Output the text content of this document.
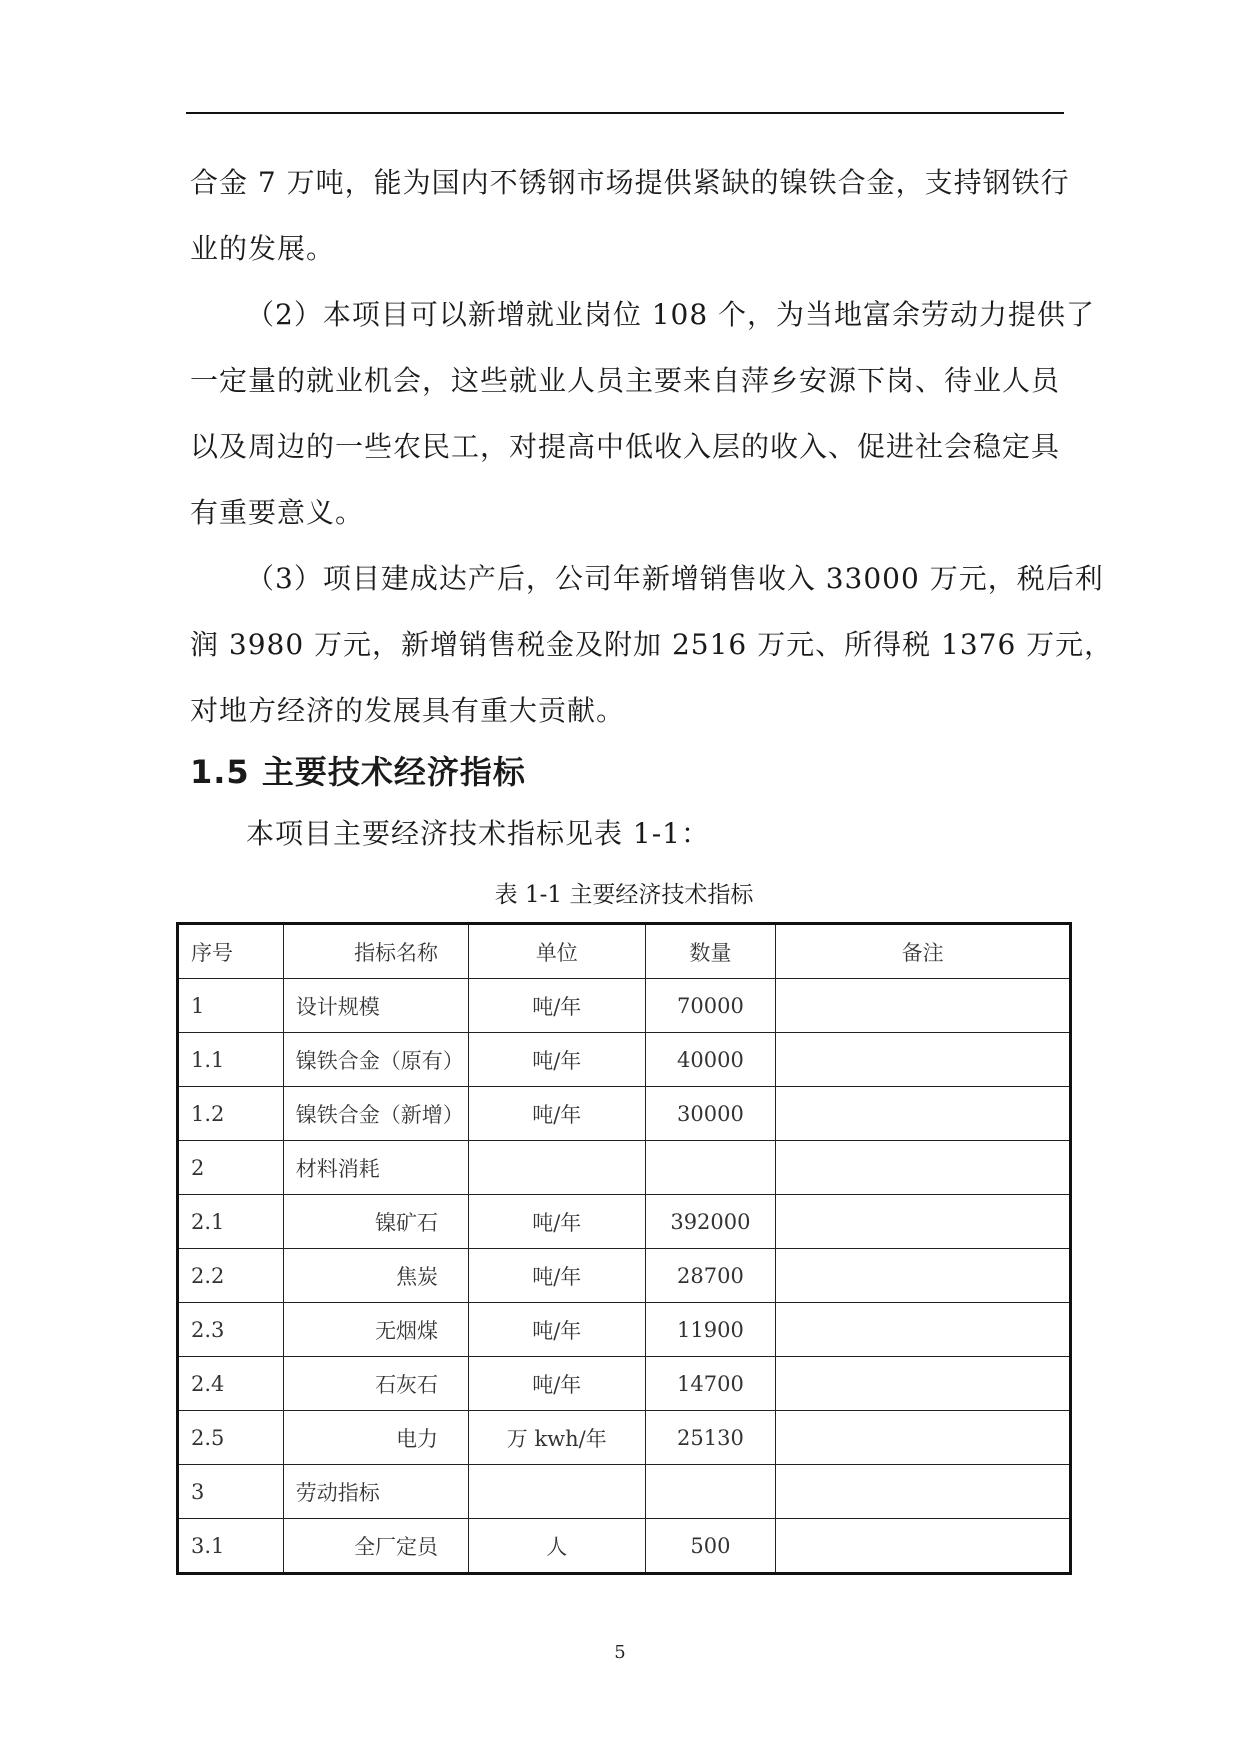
合金 7 万吨，能为国内不锈钢市场提供紧缺的镍铁合金，支持钢铁行

业的发展。

（2）本项目可以新增就业岗位 108 个，为当地富余劳动力提供了

一定量的就业机会，这些就业人员主要来自萍乡安源下岗、待业人员

以及周边的一些农民工，对提高中低收入层的收入、促进社会稳定具

有重要意义。

（3）项目建成达产后，公司年新增销售收入 33000 万元，税后利

润 3980 万元，新增销售税金及附加 2516 万元、所得税 1376 万元，

对地方经济的发展具有重大贡献。

1.5 主要技术经济指标

本项目主要经济技术指标见表 1-1：

表 1-1 主要经济技术指标

序号	指标名称	单位	数量	备注
1	设计规模	吨/年	70000	
1.1	镍铁合金（原有）	吨/年	40000	
1.2	镍铁合金（新增）	吨/年	30000	
2	材料消耗			
2.1	镍矿石	吨/年	392000	
2.2	焦炭	吨/年	28700	
2.3	无烟煤	吨/年	11900	
2.4	石灰石	吨/年	14700	
2.5	电力	万 kwh/年	25130	
3	劳动指标			
3.1	全厂定员	人	500	
5
